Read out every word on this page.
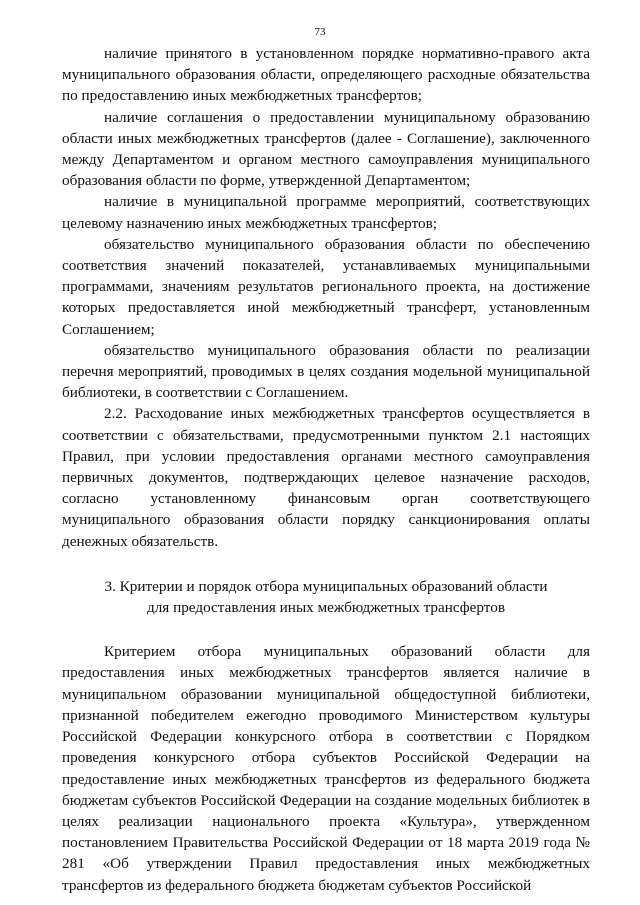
73

наличие принятого в установленном порядке нормативно-правого акта муниципального образования области, определяющего расходные обязательства по предоставлению иных межбюджетных трансфертов;

наличие соглашения о предоставлении муниципальному образованию области иных межбюджетных трансфертов (далее - Соглашение), заключенного между Департаментом и органом местного самоуправления муниципального образования области по форме, утвержденной Департаментом;

наличие в муниципальной программе мероприятий, соответствующих целевому назначению иных межбюджетных трансфертов;

обязательство муниципального образования области по обеспечению соответствия значений показателей, устанавливаемых муниципальными программами, значениям результатов регионального проекта, на достижение которых предоставляется иной межбюджетный трансферт, установленным Соглашением;

обязательство муниципального образования области по реализации перечня мероприятий, проводимых в целях создания модельной муниципальной библиотеки, в соответствии с Соглашением.

2.2. Расходование иных межбюджетных трансфертов осуществляется в соответствии с обязательствами, предусмотренными пунктом 2.1 настоящих Правил, при условии предоставления органами местного самоуправления первичных документов, подтверждающих целевое назначение расходов, согласно установленному финансовым орган соответствующего муниципального образования области порядку санкционирования оплаты денежных обязательств.

3. Критерии и порядок отбора муниципальных образований области

для предоставления иных межбюджетных трансфертов

Критерием отбора муниципальных образований области для предоставления иных межбюджетных трансфертов является наличие в муниципальном образовании муниципальной общедоступной библиотеки, признанной победителем ежегодно проводимого Министерством культуры Российской Федерации конкурсного отбора в соответствии с Порядком проведения конкурсного отбора субъектов Российской Федерации на предоставление иных межбюджетных трансфертов из федерального бюджета бюджетам субъектов Российской Федерации на создание модельных библиотек в целях реализации национального проекта «Культура», утвержденном постановлением Правительства Российской Федерации от 18 марта 2019 года № 281 «Об утверждении Правил предоставления иных межбюджетных трансфертов из федерального бюджета бюджетам субъектов Российской
